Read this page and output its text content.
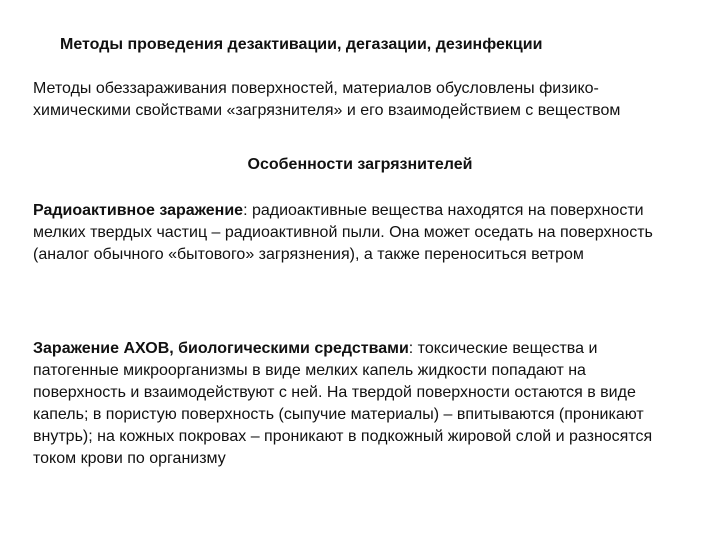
Методы проведения дезактивации, дегазации, дезинфекции
Методы обеззараживания поверхностей, материалов обусловлены физико-химическими свойствами «загрязнителя» и его взаимодействием с веществом
Особенности загрязнителей
Радиоактивное заражение: радиоактивные вещества находятся на поверхности мелких твердых частиц – радиоактивной пыли. Она может оседать на поверхность (аналог обычного «бытового» загрязнения), а также переноситься ветром
Заражение АХОВ, биологическими средствами: токсические вещества и патогенные микроорганизмы в виде мелких капель жидкости попадают на поверхность и взаимодействуют с ней. На твердой поверхности остаются в виде капель; в пористую поверхность (сыпучие материалы) – впитываются (проникают внутрь); на кожных покровах – проникают в подкожный жировой слой и разносятся током крови по организму
